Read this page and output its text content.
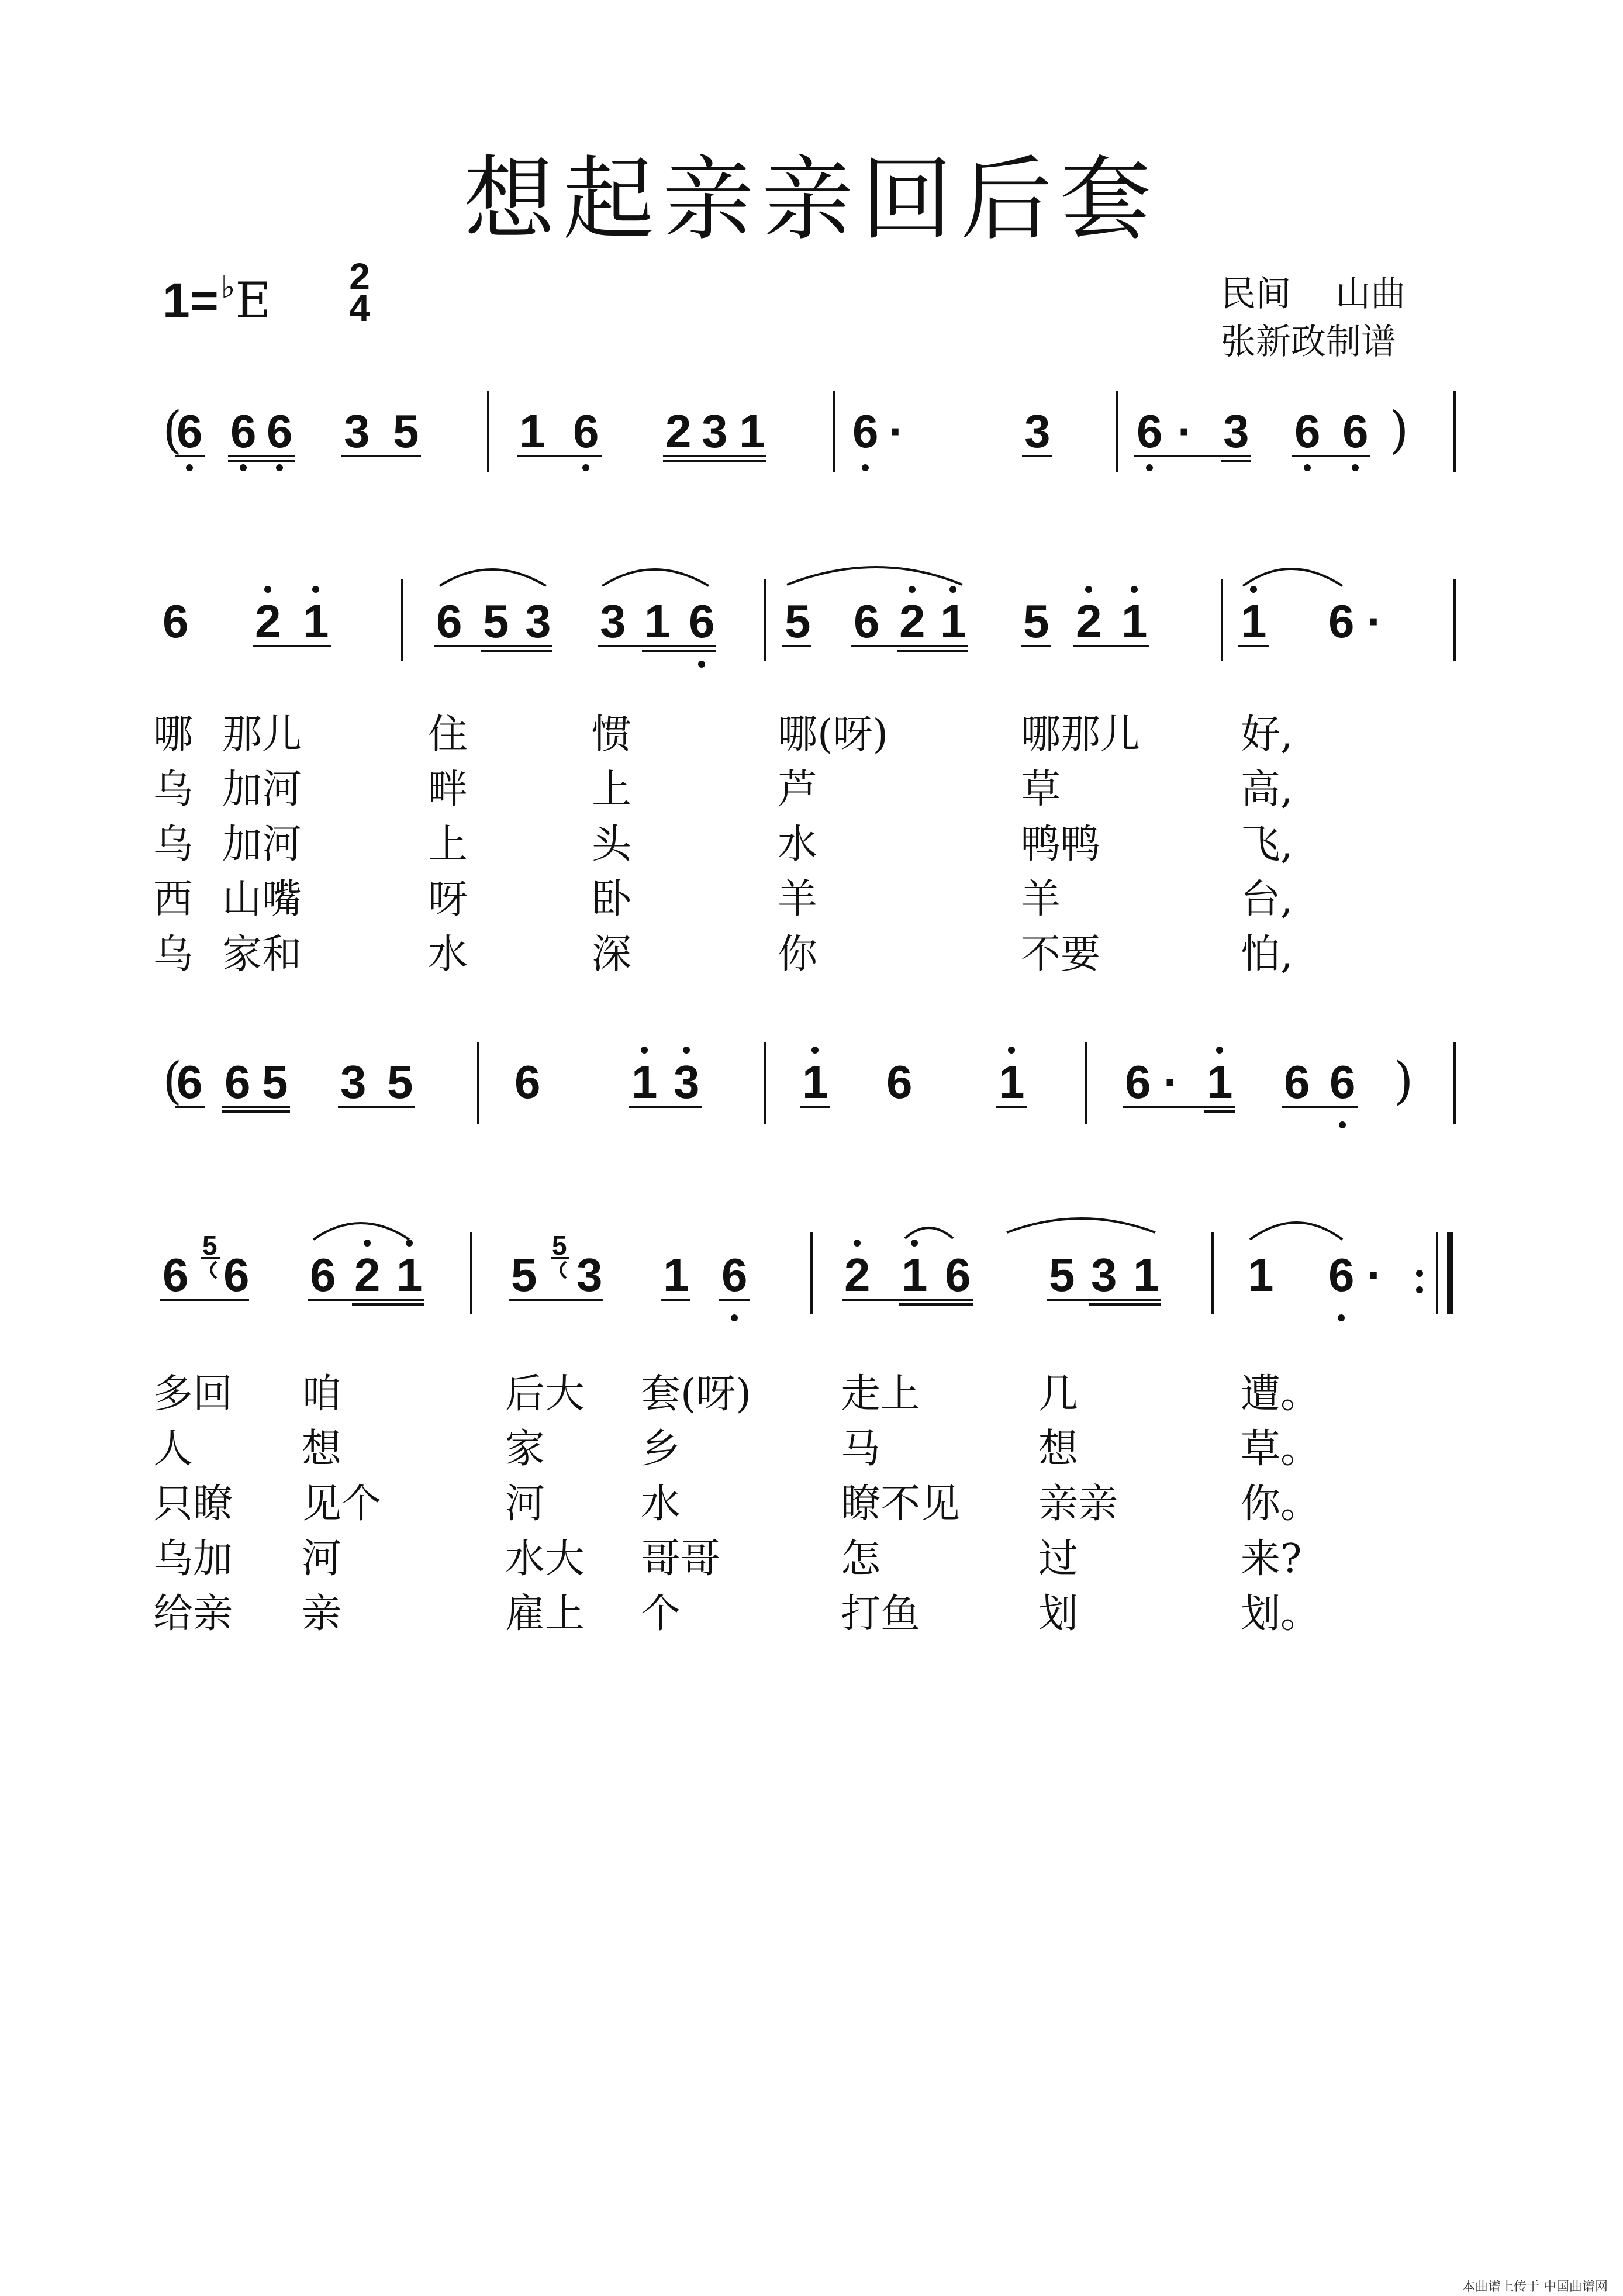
想起亲亲回后套
1=♭E 2
4	民间    山曲
张新政制谱
(
6 6 6 3 5 1 6 2 3 1 6 ·	3 6 · 3 6 6 )
6 2 1 6 5 3 3 1 6 5 6 2 1 5 2 1 1 6 ·
(
6 6 5 3 5 6 1 3 1 6 1 6 · 1 6 6 )
6
5
6 6 2 1 5
5
3 1 6 2 1 6 5 3 1 1 6 ·
哪 那儿	住	惯	哪(呀)	哪那儿	好,
乌 加河	畔	上	芦	草	高,
乌 加河	上	头	水	鸭鸭	飞,
西 山嘴	呀	卧	羊	羊	台,
乌 家和	水	深	你	不要	怕,
多回 咱	后大 套(呀) 走上	几	遭。
人	想	家 乡	马	想	草。
只瞭 见个	河 水	瞭不见 亲亲	你。
乌加 河	水大 哥哥	怎	过	来?
给亲 亲	雇上 个	打鱼	划	划。
本曲谱上传于 中国曲谱网
